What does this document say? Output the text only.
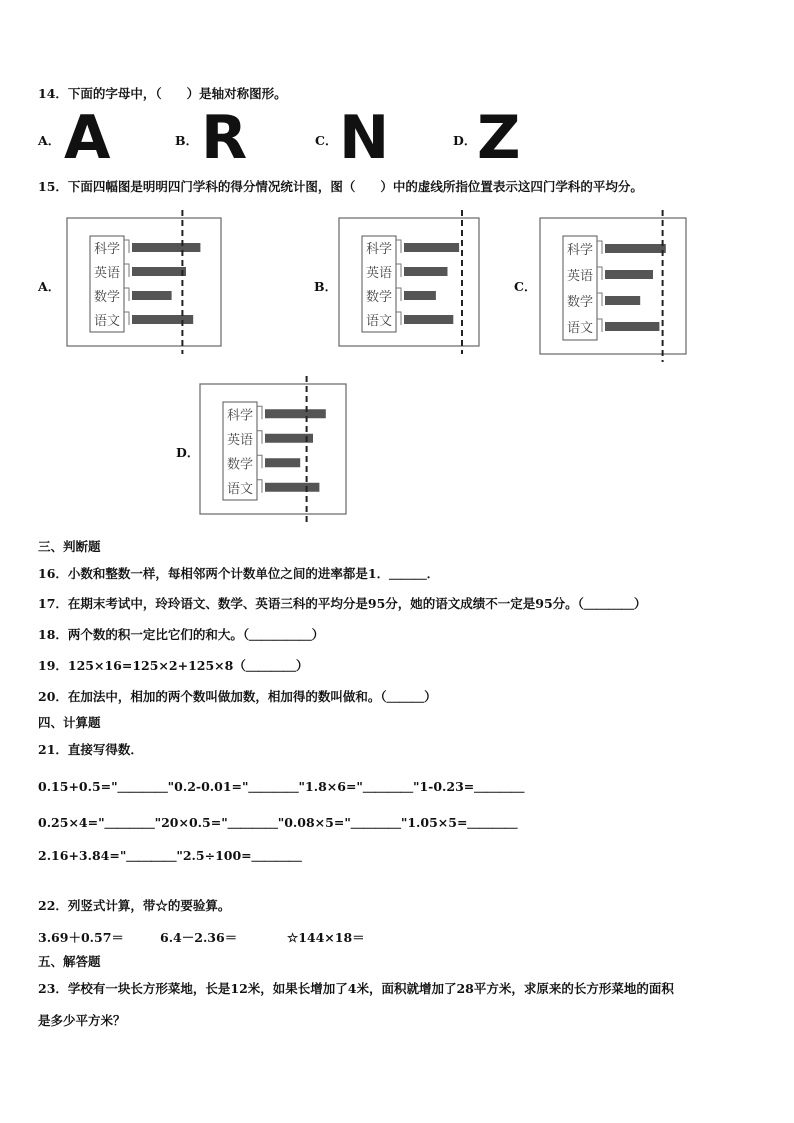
14．下面的字母中，（　　）是轴对称图形。
A． A	B． R	C． N	D． Z
15．下面四幅图是明明四门学科的得分情况统计图，图（　　）中的虚线所指位置表示这四门学科的平均分。
A．
科学
英语
数学
语文
B．
科学
英语
数学
语文
C．
科学
英语
数学
语文
D．
科学
英语
数学
语文
三、判断题
16．小数和整数一样，每相邻两个计数单位之间的进率都是1．＿＿＿．
17．在期末考试中，玲玲语文、数学、英语三科的平均分是95分，她的语文成绩不一定是95分。（＿＿＿＿）
18．两个数的积一定比它们的和大。（＿＿＿＿＿）
19．125×16=125×2+125×8（＿＿＿＿）
20．在加法中，相加的两个数叫做加数，相加得的数叫做和。（＿＿＿）
四、计算题
21．直接写得数．
0.15+0.5="＿＿＿＿"0.2-0.01="＿＿＿＿"1.8×6="＿＿＿＿"1-0.23=＿＿＿＿
0.25×4="＿＿＿＿"20×0.5="＿＿＿＿"0.08×5="＿＿＿＿"1.05×5=＿＿＿＿
2.16+3.84="＿＿＿＿"2.5÷100=＿＿＿＿
22．列竖式计算，带☆的要验算。
3.69＋0.57＝	6.4－2.36＝	☆144×18＝
五、解答题
23．学校有一块长方形菜地，长是12米，如果长增加了4米，面积就增加了28平方米，求原来的长方形菜地的面积
是多少平方米？
